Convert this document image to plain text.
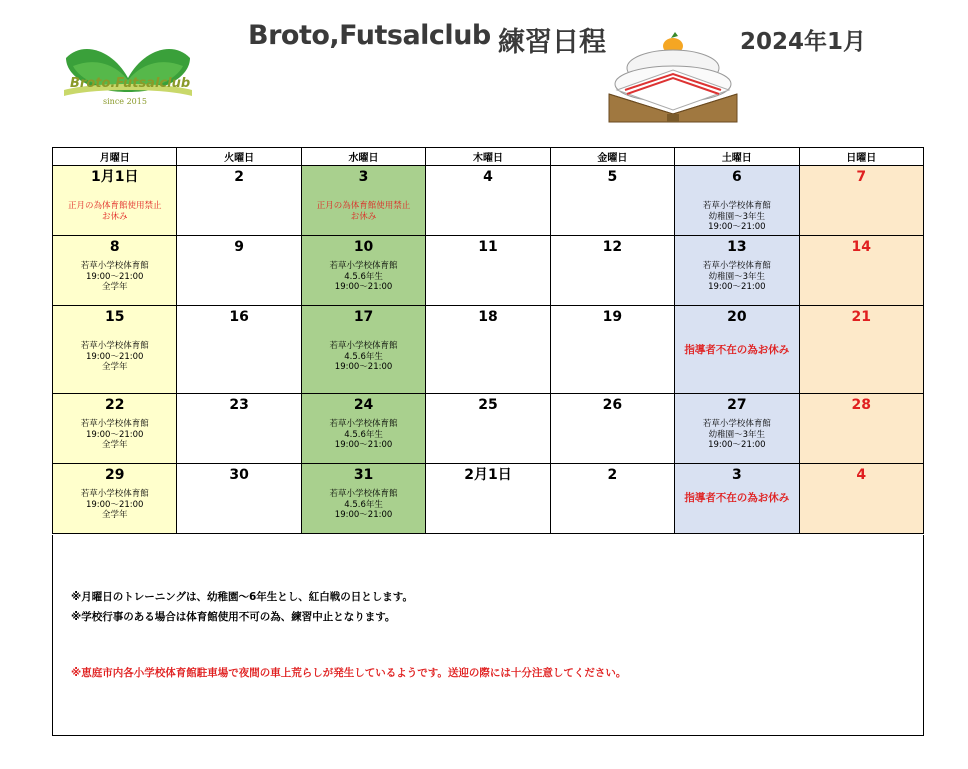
Broto.Futsalclub
since 2015
Broto,Futsalclub 練習日程	2024年1月
月曜日	火曜日	水曜日	木曜日	金曜日	土曜日	日曜日

1月1日
正月の為体育館使用禁止
お休み	2	3
正月の為体育館使用禁止
お休み	4	5	6
若草小学校体育館
幼稚園～3年生
19:00～21:00	7

8
若草小学校体育館
19:00～21:00
全学年	9	10
若草小学校体育館
4.5.6年生
19:00～21:00	11	12	13
若草小学校体育館
幼稚園～3年生
19:00～21:00	14

15
若草小学校体育館
19:00～21:00
全学年	16	17
若草小学校体育館
4.5.6年生
19:00～21:00	18	19	20
指導者不在の為お休み	21

22
若草小学校体育館
19:00～21:00
全学年	23	24
若草小学校体育館
4.5.6年生
19:00～21:00	25	26	27
若草小学校体育館
幼稚園～3年生
19:00～21:00	28

29
若草小学校体育館
19:00～21:00
全学年	30	31
若草小学校体育館
4.5.6年生
19:00～21:00	2月1日	2	3
指導者不在の為お休み	4
※月曜日のトレーニングは、幼稚園～6年生とし、紅白戦の日とします。
※学校行事のある場合は体育館使用不可の為、練習中止となります。
※恵庭市内各小学校体育館駐車場で夜間の車上荒らしが発生しているようです。送迎の際には十分注意してください。
